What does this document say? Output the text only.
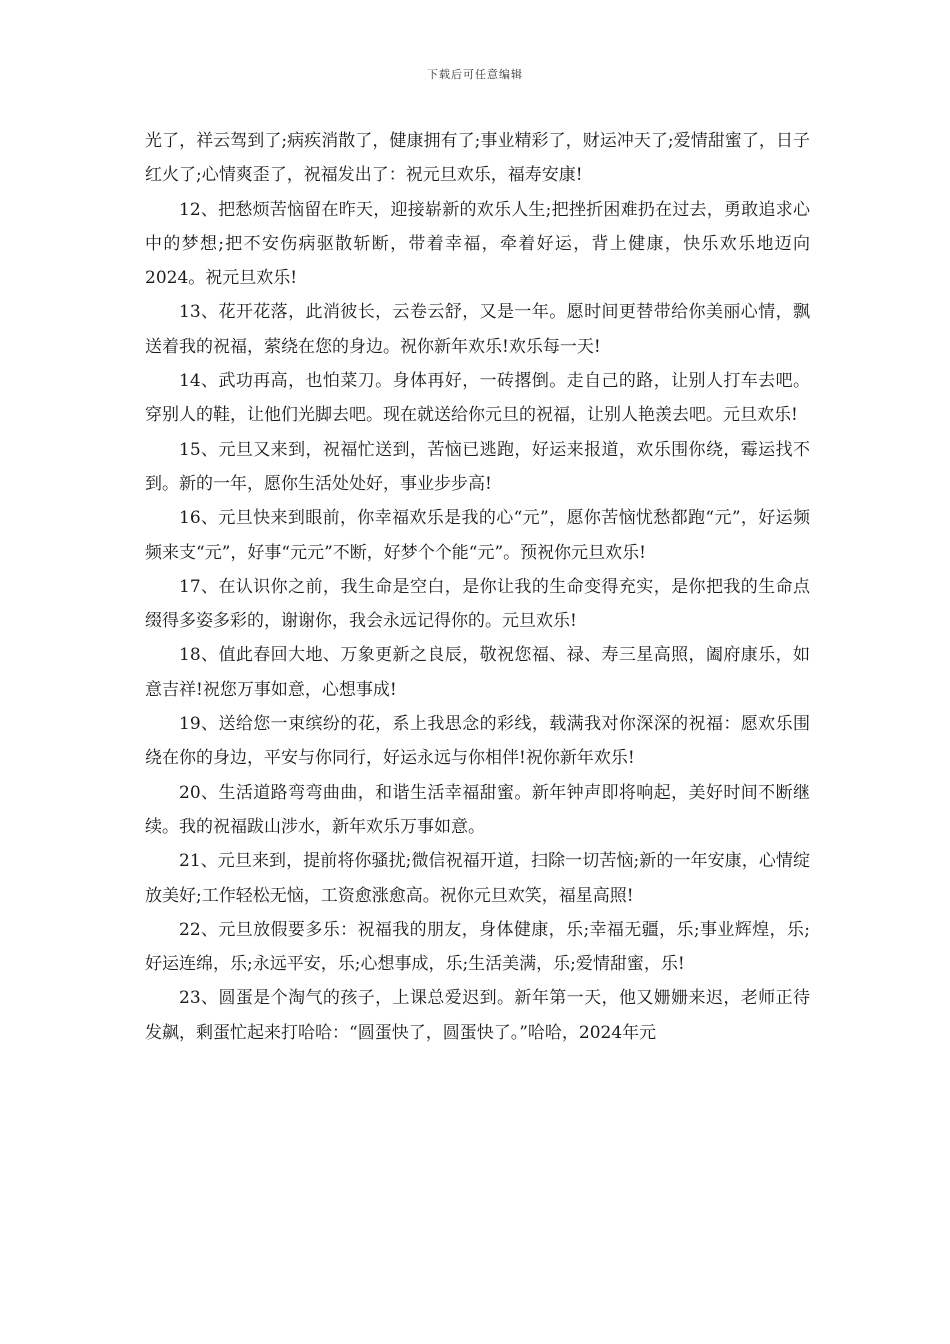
下载后可任意编辑

光了，祥云驾到了;病疾消散了，健康拥有了;事业精彩了，财运冲天了;爱情甜蜜了，日子红火了;心情爽歪了，祝福发出了：祝元旦欢乐，福寿安康!

12、把愁烦苦恼留在昨天，迎接崭新的欢乐人生;把挫折困难扔在过去，勇敢追求心中的梦想;把不安伤病驱散斩断，带着幸福，牵着好运，背上健康，快乐欢乐地迈向2024。祝元旦欢乐!

13、花开花落，此消彼长，云卷云舒，又是一年。愿时间更替带给你美丽心情，飘送着我的祝福，萦绕在您的身边。祝你新年欢乐!欢乐每一天!

14、武功再高，也怕菜刀。身体再好，一砖撂倒。走自己的路，让别人打车去吧。穿别人的鞋，让他们光脚去吧。现在就送给你元旦的祝福，让别人艳羡去吧。元旦欢乐!

15、元旦又来到，祝福忙送到，苦恼已逃跑，好运来报道，欢乐围你绕，霉运找不到。新的一年，愿你生活处处好，事业步步高!

16、元旦快来到眼前，你幸福欢乐是我的心“元”，愿你苦恼忧愁都跑“元”，好运频频来支“元”，好事“元元”不断，好梦个个能“元”。预祝你元旦欢乐!

17、在认识你之前，我生命是空白，是你让我的生命变得充实，是你把我的生命点缀得多姿多彩的，谢谢你，我会永远记得你的。元旦欢乐!

18、值此春回大地、万象更新之良辰，敬祝您福、禄、寿三星高照，阖府康乐，如意吉祥!祝您万事如意，心想事成!

19、送给您一束缤纷的花，系上我思念的彩线，载满我对你深深的祝福：愿欢乐围绕在你的身边，平安与你同行，好运永远与你相伴!祝你新年欢乐!

20、生活道路弯弯曲曲，和谐生活幸福甜蜜。新年钟声即将响起，美好时间不断继续。我的祝福跋山涉水，新年欢乐万事如意。

21、元旦来到，提前将你骚扰;微信祝福开道，扫除一切苦恼;新的一年安康，心情绽放美好;工作轻松无恼，工资愈涨愈高。祝你元旦欢笑，福星高照!

22、元旦放假要多乐：祝福我的朋友，身体健康，乐;幸福无疆，乐;事业辉煌，乐;好运连绵，乐;永远平安，乐;心想事成，乐;生活美满，乐;爱情甜蜜，乐!

23、圆蛋是个淘气的孩子，上课总爱迟到。新年第一天，他又姗姗来迟，老师正待发飙，剩蛋忙起来打哈哈：“圆蛋快了，圆蛋快了。”哈哈，2024年元
